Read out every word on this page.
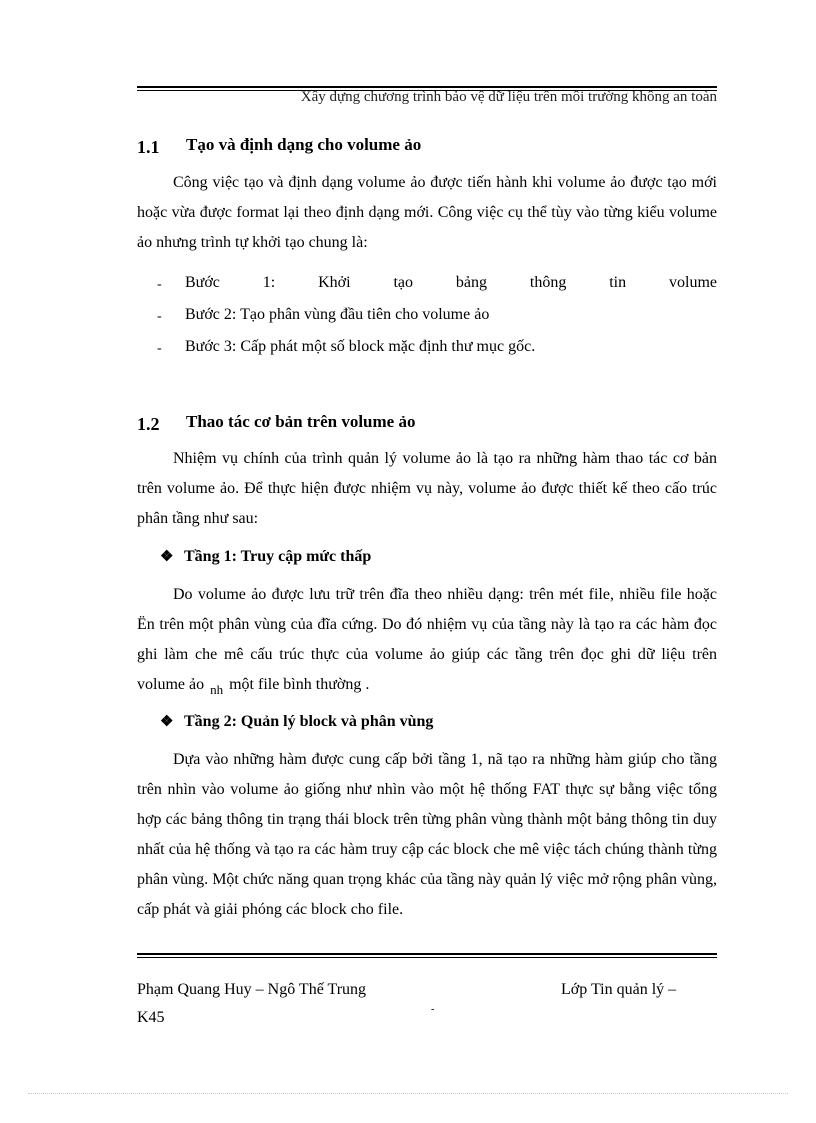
Xây dựng chương trình bảo vệ dữ liệu trên môi trường không an toàn
1.1 Tạo và định dạng cho volume ảo
Công việc tạo và định dạng volume ảo được tiến hành khi volume ảo được tạo mới hoặc vừa được format lại theo định dạng mới. Công việc cụ thể tùy vào từng kiểu volume ảo nhưng trình tự khởi tạo chung là:
- Bước 1: Khởi tạo bảng thông tin volume
- Bước 2: Tạo phân vùng đầu tiên cho volume ảo
- Bước 3: Cấp phát một số block mặc định thư mục gốc.
1.2 Thao tác cơ bản trên volume ảo
Nhiệm vụ chính của trình quản lý volume ảo là tạo ra những hàm thao tác cơ bản trên volume ảo. Để thực hiện được nhiệm vụ này, volume ảo được thiết kế theo cấo trúc phân tầng như sau:
❖ Tầng 1: Truy cập mức thấp
Do volume ảo được lưu trữ trên đĩa theo nhiều dạng: trên mét file, nhiều file hoặc Ën trên một phân vùng của đĩa cứng. Do đó nhiệm vụ của tầng này là tạo ra các hàm đọc ghi làm che mê cấu trúc thực của volume ảo giúp các tầng trên đọc ghi dữ liệu trên volume ảo $_{nh}$ một file bình thường .
❖ Tầng 2: Quản lý block và phân vùng
Dựa vào những hàm được cung cấp bởi tầng 1, nã tạo ra những hàm giúp cho tầng trên nhìn vào volume ảo giống như nhìn vào một hệ thống FAT thực sự bằng việc tổng hợp các bảng thông tin trạng thái block trên từng phân vùng thành một bảng thông tin duy nhất của hệ thống và tạo ra các hàm truy cập các block che mê việc tách chúng thành từng phân vùng. Một chức năng quan trọng khác của tầng này quản lý việc mở rộng phân vùng, cấp phát và giải phóng các block cho file.
Phạm Quang Huy – Ngô Thế Trung
-
Lớp Tin quản lý –
K45
